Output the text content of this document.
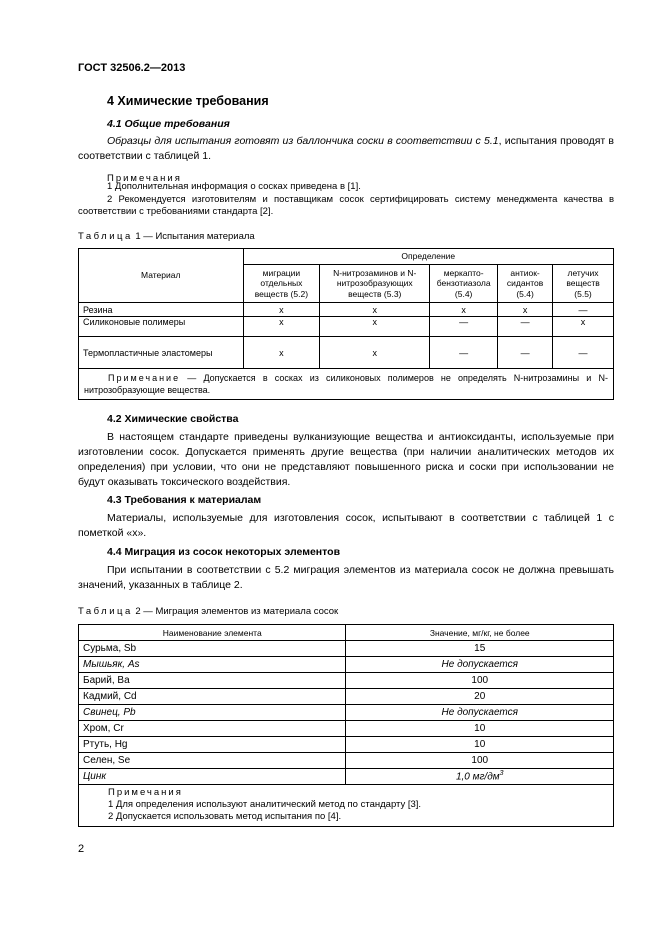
ГОСТ 32506.2—2013
4 Химические требования
4.1 Общие требования

Образцы для испытания готовят из баллончика соски в соответствии с 5.1, испытания проводят в соответствии с таблицей 1.

Примечания
1 Дополнительная информация о сосках приведена в [1].
2 Рекомендуется изготовителям и поставщикам сосок сертифицировать систему менеджмента качества в соответствии с требованиями стандарта [2].
Таблица 1 — Испытания материала
Материал	Определение				
	миграции отдельных веществ (5.2)	N-нитрозаминов и N-нитрозобразующих веществ (5.3)	меркапто-бензотиазола (5.4)	антиок-сидантов (5.4)	летучих веществ (5.5)
Резина	x	x	x	x	—
Силиконовые полимеры	x	x	—	—	x
Термопластичные эластомеры	x	x	—	—	—
Примечание — Допускается в сосках из силиконовых полимеров не определять N-нитрозамины и N-нитрозобразующие вещества.					
4.2 Химические свойства

В настоящем стандарте приведены вулканизующие вещества и антиоксиданты, используемые при изготовлении сосок. Допускается применять другие вещества (при наличии аналитических методов их определения) при условии, что они не представляют повышенного риска и соски при использовании не будут оказывать токсического воздействия.

4.3 Требования к материалам

Материалы, используемые для изготовления сосок, испытывают в соответствии с таблицей 1 с пометкой «x».

4.4 Миграция из сосок некоторых элементов

При испытании в соответствии с 5.2 миграция элементов из материала сосок не должна превышать значений, указанных в таблице 2.

Таблица 2 — Миграция элементов из материала сосок
Наименование элемента	Значение, мг/кг, не более
Сурьма, Sb	15
Мышьяк, As	Не допускается
Барий, Ba	100
Кадмий, Cd	20
Свинец, Pb	Не допускается
Хром, Cr	10
Ртуть, Hg	10
Селен, Se	100
Цинк	1,0 $мг/дм^3$

Примечания
1 Для определения используют аналитический метод по стандарту [3].
2 Допускается использовать метод испытания по [4].	
2
